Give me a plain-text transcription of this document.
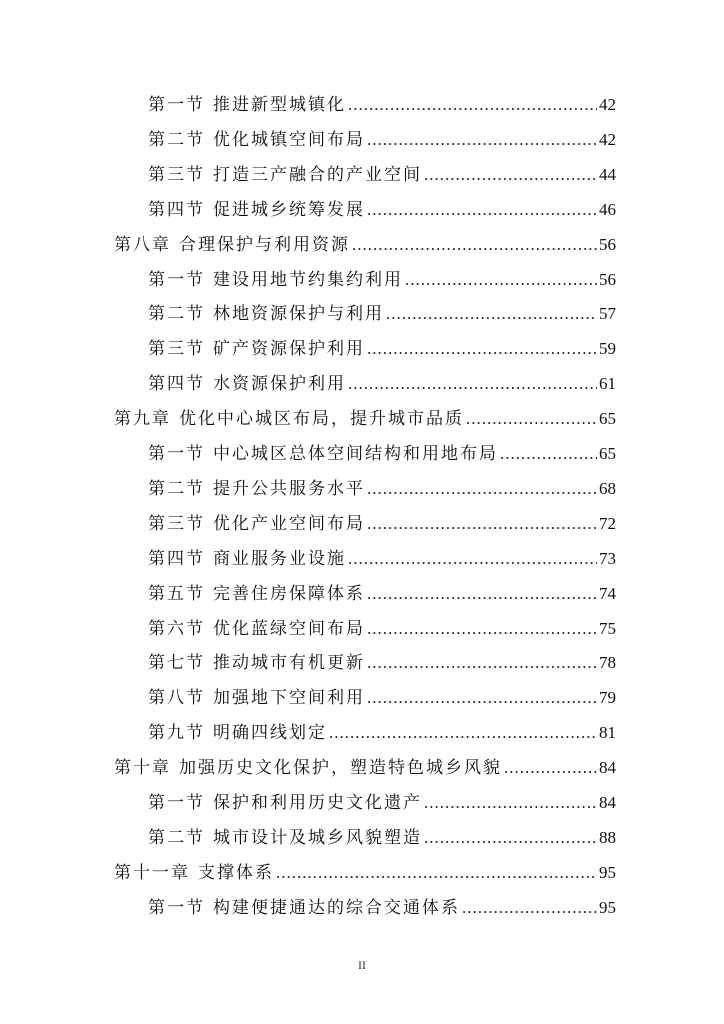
第一节 推进新型城镇化 .....	42
第二节 优化城镇空间布局 .....	42
第三节 打造三产融合的产业空间 .....	44
第四节 促进城乡统筹发展 .....	46
第八章 合理保护与利用资源 .....	56
第一节 建设用地节约集约利用 .....	56
第二节 林地资源保护与利用 .....	57
第三节 矿产资源保护利用 .....	59
第四节 水资源保护利用 .....	61
第九章 优化中心城区布局，提升城市品质 .....	65
第一节 中心城区总体空间结构和用地布局 .....	65
第二节 提升公共服务水平 .....	68
第三节 优化产业空间布局 .....	72
第四节 商业服务业设施 .....	73
第五节 完善住房保障体系 .....	74
第六节 优化蓝绿空间布局 .....	75
第七节 推动城市有机更新 .....	78
第八节 加强地下空间利用 .....	79
第九节 明确四线划定 .....	81
第十章 加强历史文化保护，塑造特色城乡风貌 .....	84
第一节 保护和利用历史文化遗产 .....	84
第二节 城市设计及城乡风貌塑造 .....	88
第十一章 支撑体系 .....	95
第一节 构建便捷通达的综合交通体系 .....	95
II
